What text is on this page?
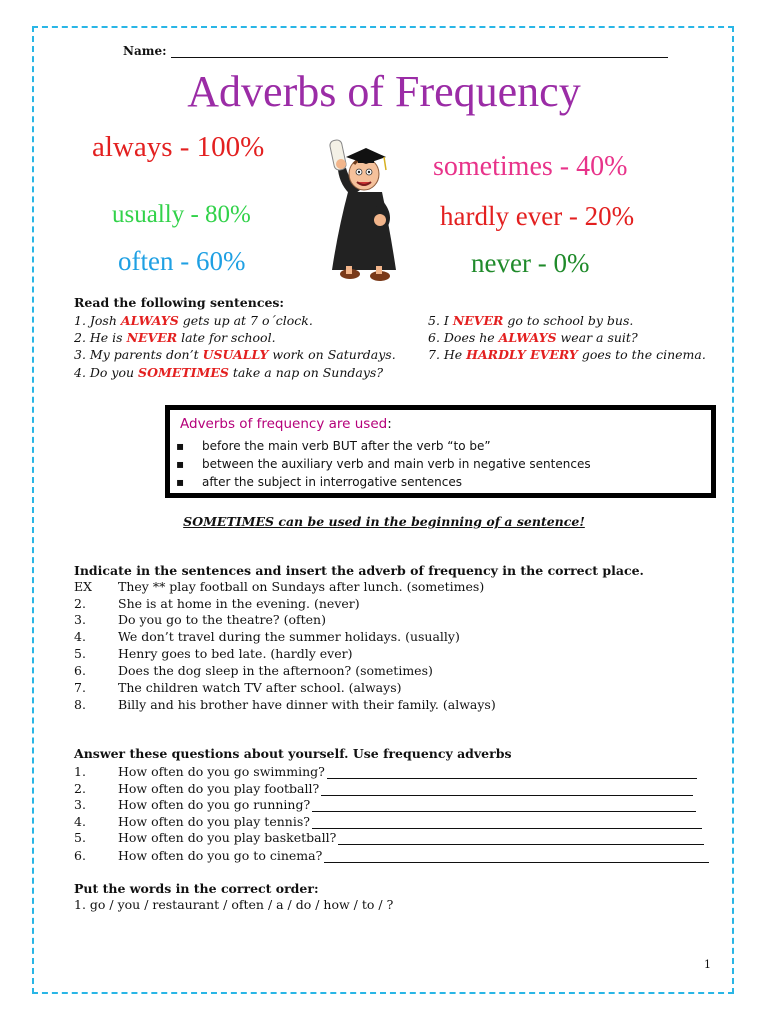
Name:
Adverbs of Frequency
always - 100%
sometimes - 40%
usually - 80%	hardly ever - 20%
often - 60%	never - 0%
Read the following sentences:
1. Josh ALWAYS gets up at 7 o´clock.
2. He is NEVER late for school.
3. My parents don’t USUALLY work on Saturdays.
4. Do you SOMETIMES take a nap on Sundays?
5. I NEVER go to school by bus.
6. Does he ALWAYS wear a suit?
7. He HARDLY EVERY goes to the cinema.
Adverbs of frequency are used:
▪ before the main verb BUT after the verb “to be”
▪ between the auxiliary verb and main verb in negative sentences
▪ after the subject in interrogative sentences
SOMETIMES can be used in the beginning of a sentence!
Indicate in the sentences and insert the adverb of frequency in the correct place.
EX They ** play football on Sundays after lunch. (sometimes)
2.	She is at home in the evening. (never)
3.	Do you go to the theatre? (often)
4.	We don’t travel during the summer holidays. (usually)
5.	Henry goes to bed late. (hardly ever)
6.	Does the dog sleep in the afternoon? (sometimes)
7.	The children watch TV after school. (always)
8.	Billy and his brother have dinner with their family. (always)
Answer these questions about yourself. Use frequency adverbs
1.	How often do you go swimming?
2.	How often do you play football?
3.	How often do you go running?
4.	How often do you play tennis?
5.	How often do you play basketball?
6.	How often do you go to cinema?
Put the words in the correct order:
1. go / you / restaurant / often / a / do / how / to / ?
1
